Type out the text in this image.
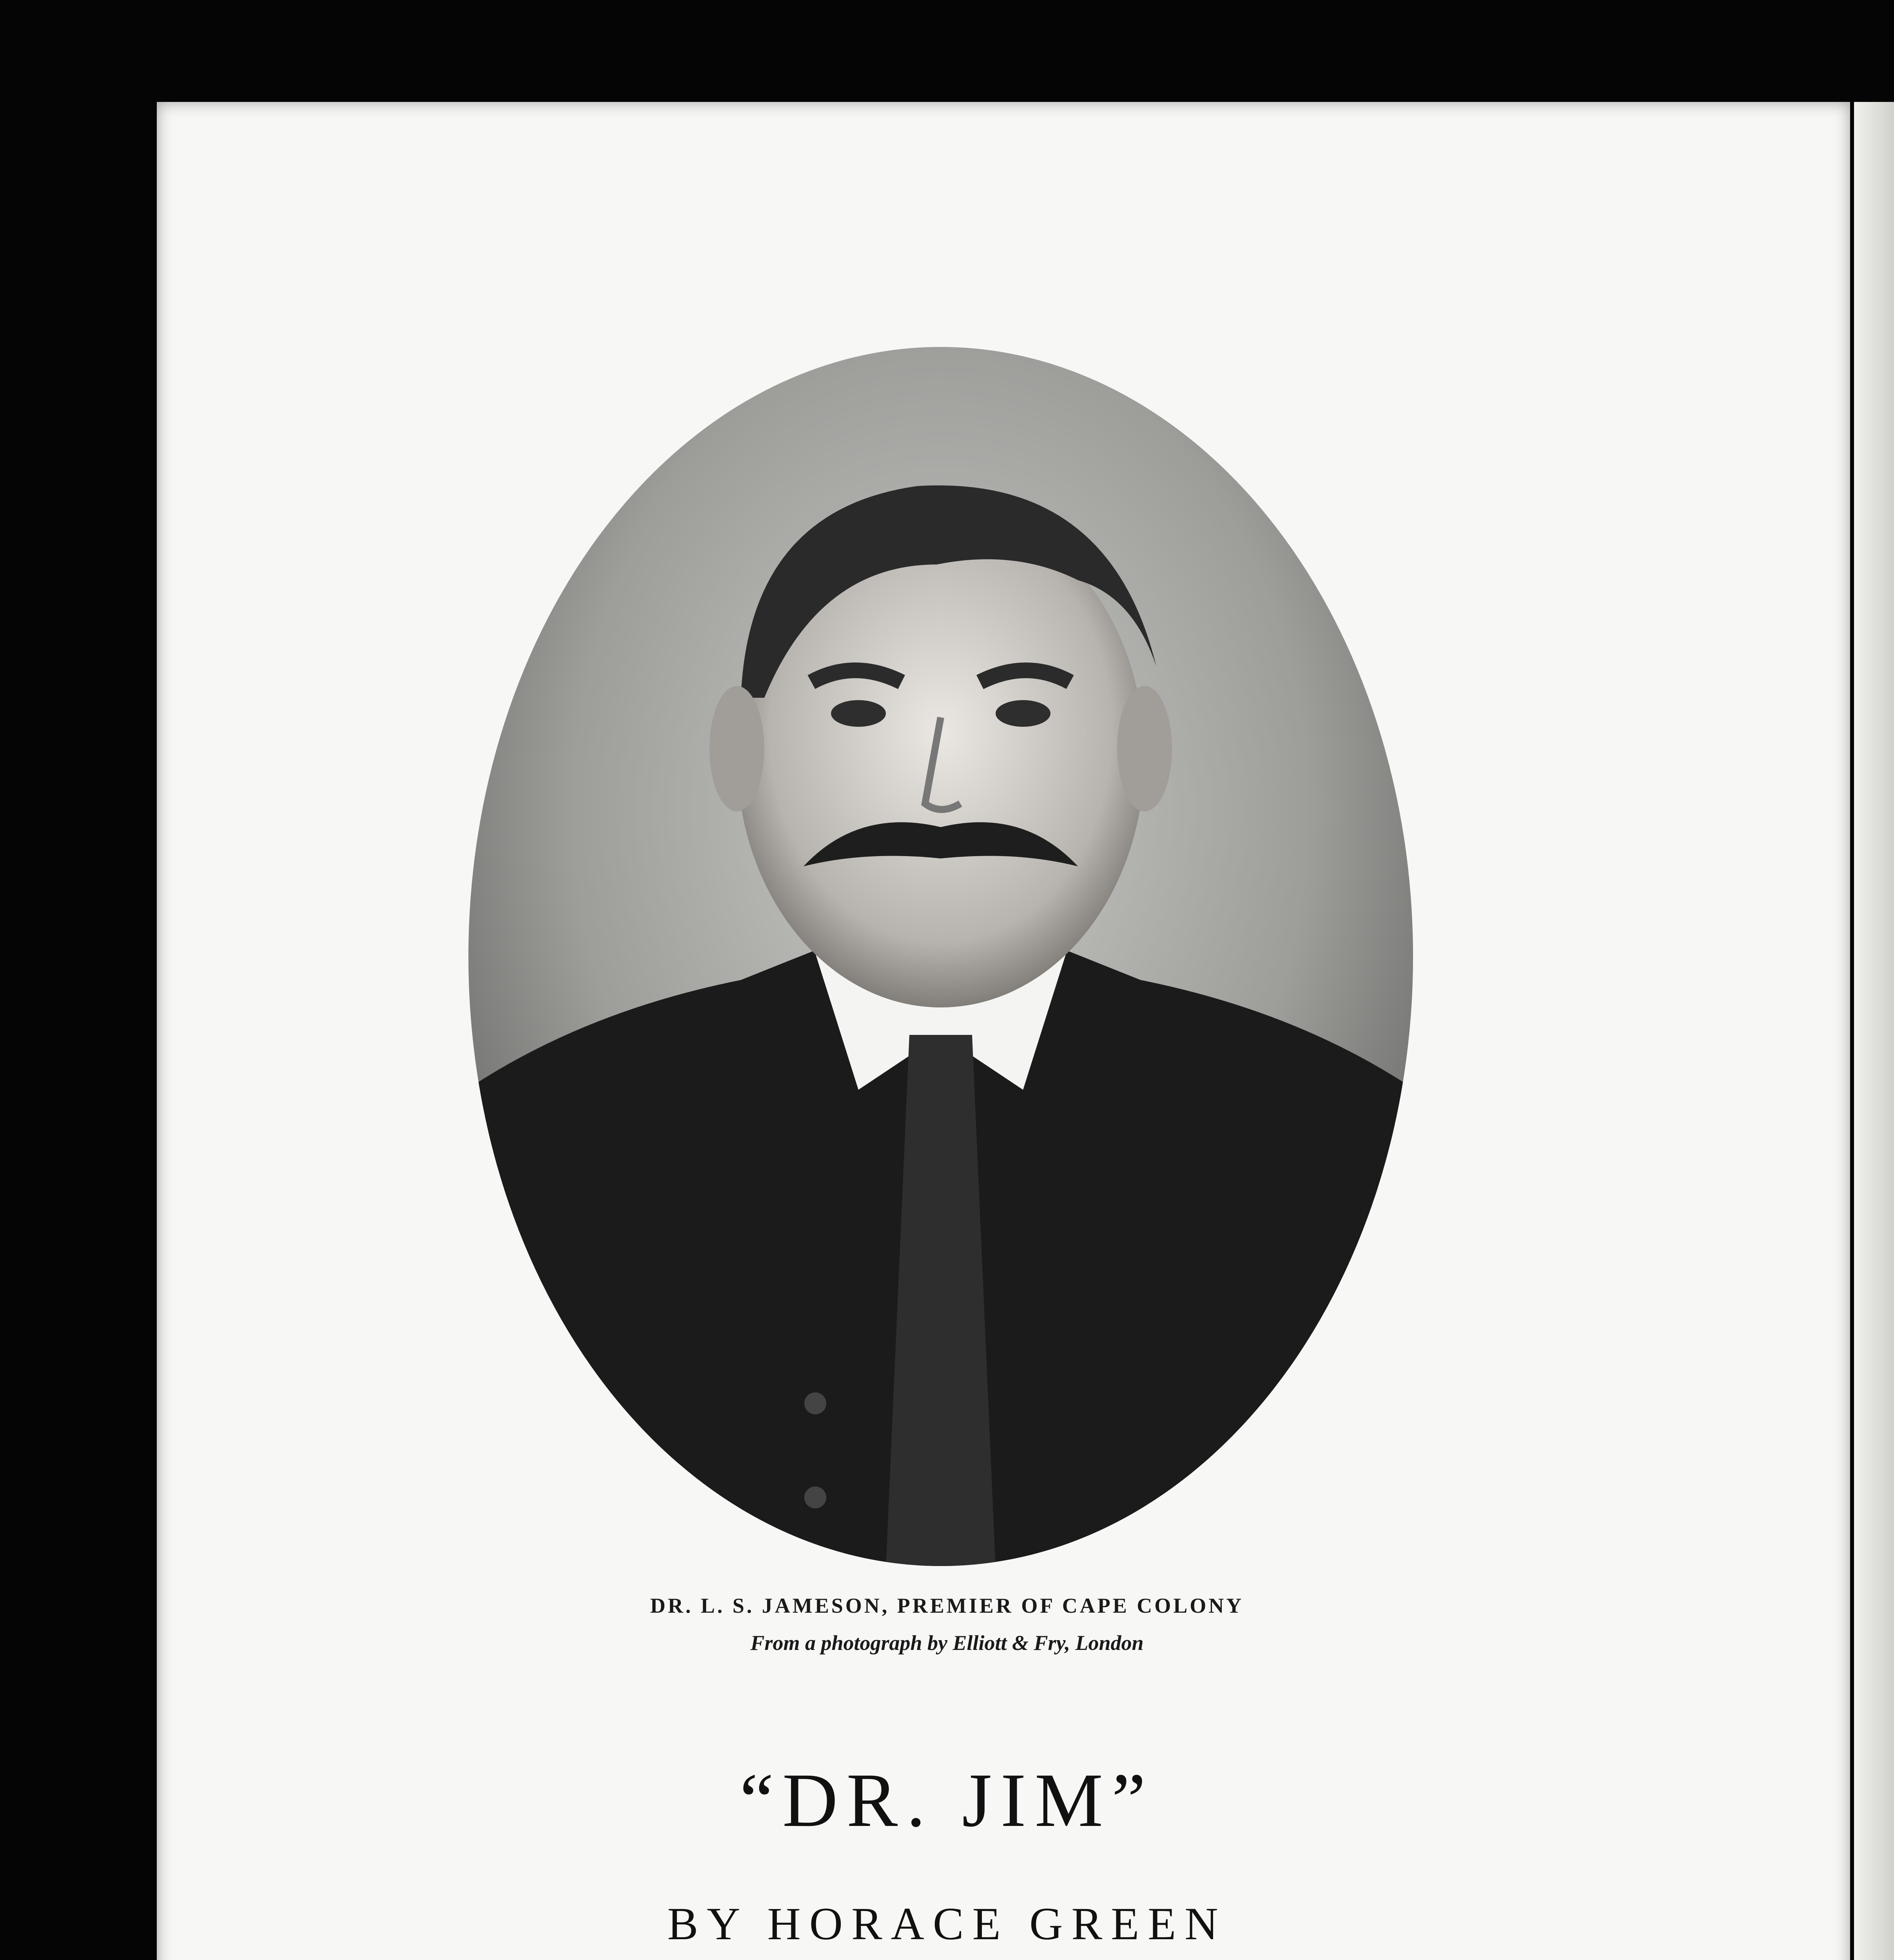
DR. L. S. JAMESON, PREMIER OF CAPE COLONY
From a photograph by Elliott & Fry, London
“DR. JIM”
BY HORACE GREEN
